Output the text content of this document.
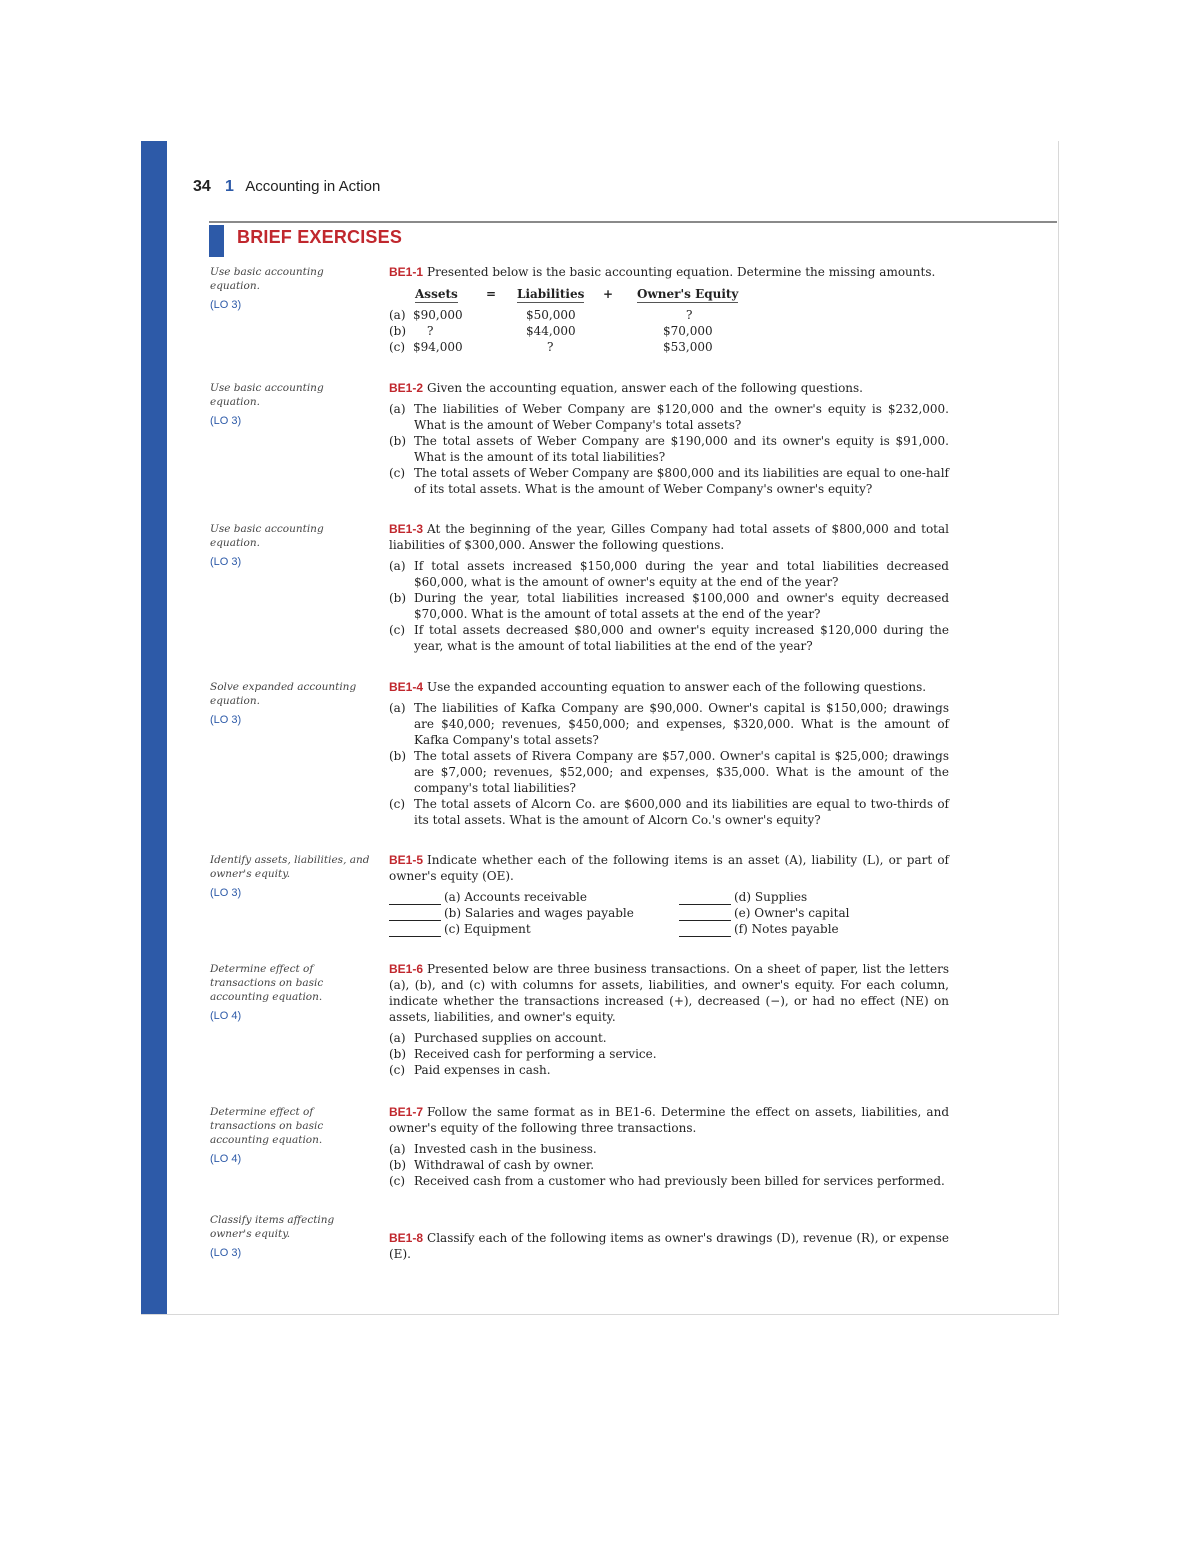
34 1 Accounting in Action
BRIEF EXERCISES
Use basic accounting equation.
(LO 3)

BE1-1 Presented below is the basic accounting equation. Determine the missing amounts.

Assets = Liabilities + Owner's Equity
(a) $90,000	$50,000	?
(b) ?	$44,000	$70,000
(c) $94,000	?	$53,000
Use basic accounting equation.
(LO 3)

BE1-2 Given the accounting equation, answer each of the following questions.

(a) The liabilities of Weber Company are $120,000 and the owner's equity is $232,000. What is the amount of Weber Company's total assets?
(b) The total assets of Weber Company are $190,000 and its owner's equity is $91,000. What is the amount of its total liabilities?
(c) The total assets of Weber Company are $800,000 and its liabilities are equal to one-half of its total assets. What is the amount of Weber Company's owner's equity?
Use basic accounting equation.
(LO 3)

BE1-3 At the beginning of the year, Gilles Company had total assets of $800,000 and total liabilities of $300,000. Answer the following questions.

(a) If total assets increased $150,000 during the year and total liabilities decreased $60,000, what is the amount of owner's equity at the end of the year?
(b) During the year, total liabilities increased $100,000 and owner's equity decreased $70,000. What is the amount of total assets at the end of the year?
(c) If total assets decreased $80,000 and owner's equity increased $120,000 during the year, what is the amount of total liabilities at the end of the year?
Solve expanded accounting equation.
(LO 3)

BE1-4 Use the expanded accounting equation to answer each of the following questions.

(a) The liabilities of Kafka Company are $90,000. Owner's capital is $150,000; drawings are $40,000; revenues, $450,000; and expenses, $320,000. What is the amount of Kafka Company's total assets?
(b) The total assets of Rivera Company are $57,000. Owner's capital is $25,000; drawings are $7,000; revenues, $52,000; and expenses, $35,000. What is the amount of the company's total liabilities?
(c) The total assets of Alcorn Co. are $600,000 and its liabilities are equal to two-thirds of its total assets. What is the amount of Alcorn Co.'s owner's equity?
Identify assets, liabilities, and owner's equity.
(LO 3)

BE1-5 Indicate whether each of the following items is an asset (A), liability (L), or part of owner's equity (OE).

(a) Accounts receivable
(b) Salaries and wages payable
(c) Equipment
(d) Supplies
(e) Owner's capital
(f) Notes payable
Determine effect of transactions on basic accounting equation.
(LO 4)

BE1-6 Presented below are three business transactions. On a sheet of paper, list the letters (a), (b), and (c) with columns for assets, liabilities, and owner's equity. For each column, indicate whether the transactions increased (+), decreased (−), or had no effect (NE) on assets, liabilities, and owner's equity.

(a) Purchased supplies on account.
(b) Received cash for performing a service.
(c) Paid expenses in cash.
Determine effect of transactions on basic accounting equation.
(LO 4)

BE1-7 Follow the same format as in BE1-6. Determine the effect on assets, liabilities, and owner's equity of the following three transactions.

(a) Invested cash in the business.
(b) Withdrawal of cash by owner.
(c) Received cash from a customer who had previously been billed for services performed.
Classify items affecting owner's equity.
(LO 3)

BE1-8 Classify each of the following items as owner's drawings (D), revenue (R), or expense (E).
